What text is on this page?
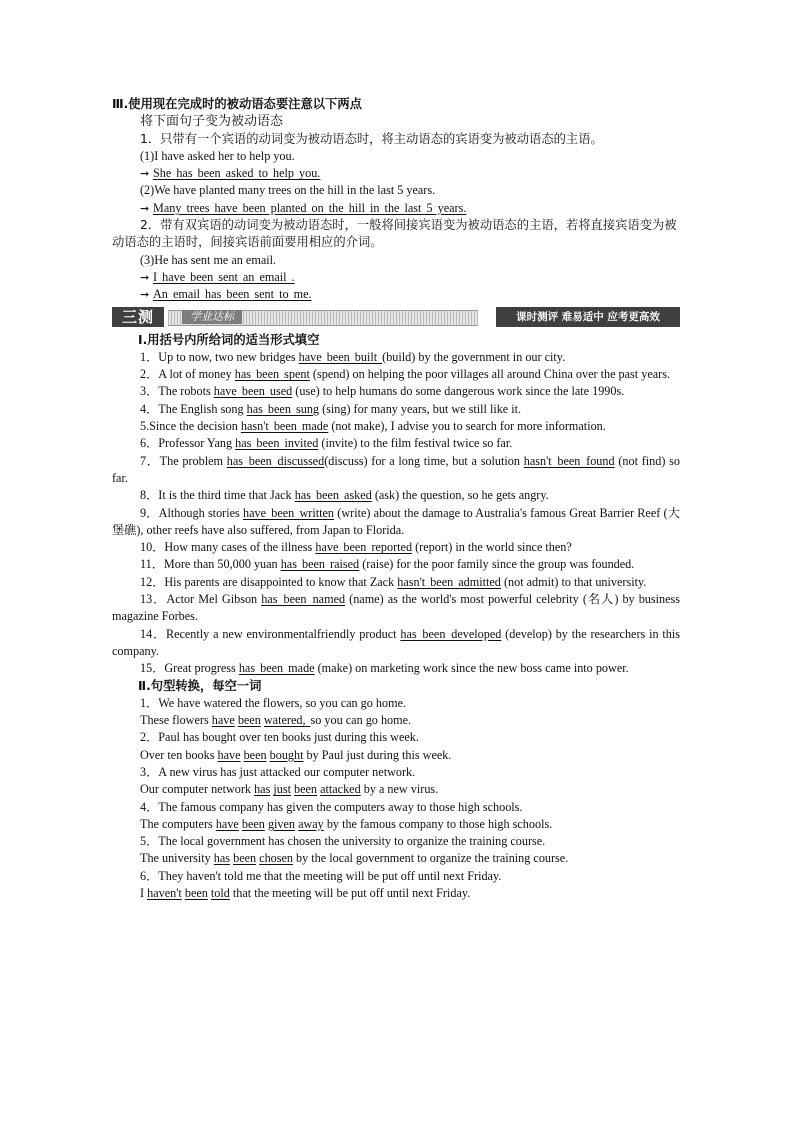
Ⅲ.使用现在完成时的被动语态要注意以下两点
将下面句子变为被动语态
1．只带有一个宾语的动词变为被动语态时，将主动语态的宾语变为被动语态的主语。
(1)I have asked her to help you.
➞ She has been asked to help you.
(2)We have planted many trees on the hill in the last 5 years.
➞ Many trees have been planted on the hill in the last 5 years.
2．带有双宾语的动词变为被动语态时，一般将间接宾语变为被动语态的主语，若将直接宾语变为被动语态的主语时，间接宾语前面要用相应的介词。
(3)He has sent me an email.
➞ I have been sent an email .
➞ An email has been sent to me.
三测	学业达标	课时测评 难易适中 应考更高效
Ⅰ.用括号内所给词的适当形式填空
1．Up to now, two new bridges have been built (build) by the government in our city.
2．A lot of money has been spent (spend) on helping the poor villages all around China over the past years.
3．The robots have been used (use) to help humans do some dangerous work since the late 1990s.
4．The English song has been sung (sing) for many years, but we still like it.
5.Since the decision hasn't been made (not make), I advise you to search for more information.
6．Professor Yang has been invited (invite) to the film festival twice so far.
7．The problem has been discussed(discuss) for a long time, but a solution hasn't been found (not find) so far.
8．It is the third time that Jack has been asked (ask) the question, so he gets angry.
9．Although stories have been written (write) about the damage to Australia's famous Great Barrier Reef (大堡礁), other reefs have also suffered, from Japan to Florida.
10．How many cases of the illness have been reported (report) in the world since then?
11．More than 50,000 yuan has been raised (raise) for the poor family since the group was founded.
12．His parents are disappointed to know that Zack hasn't been admitted (not admit) to that university.
13．Actor Mel Gibson has been named (name) as the world's most powerful celebrity (名人) by business magazine Forbes.
14．Recently a new environmentalfriendly product has been developed (develop) by the researchers in this company.
15．Great progress has been made (make) on marketing work since the new boss came into power.
Ⅱ.句型转换，每空一词
1．We have watered the flowers, so you can go home.
These flowers have been watered, so you can go home.
2．Paul has bought over ten books just during this week.
Over ten books have been bought by Paul just during this week.
3．A new virus has just attacked our computer network.
Our computer network has just been attacked by a new virus.
4．The famous company has given the computers away to those high schools.
The computers have been given away by the famous company to those high schools.
5．The local government has chosen the university to organize the training course.
The university has been chosen by the local government to organize the training course.
6．They haven't told me that the meeting will be put off until next Friday.
I haven't been told that the meeting will be put off until next Friday.
